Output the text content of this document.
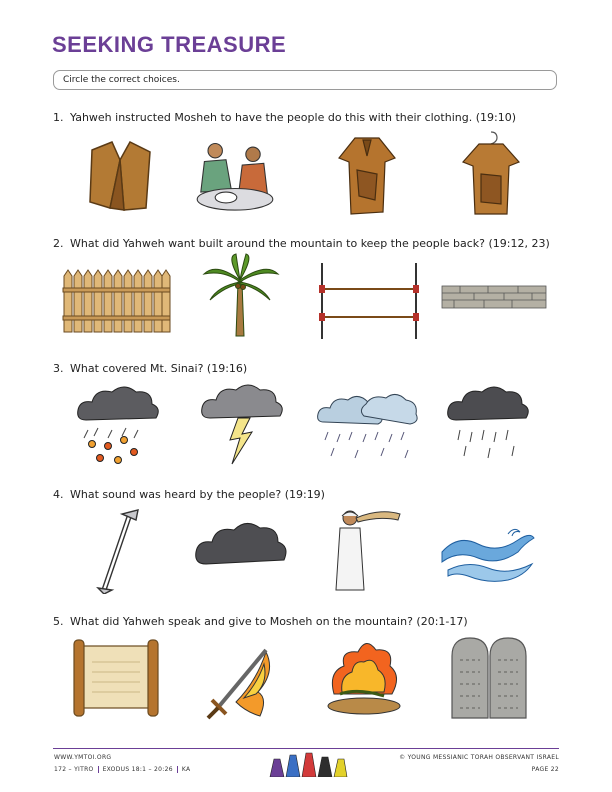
SEEKING TREASURE
Circle the correct choices.
1. Yahweh instructed Mosheh to have the people do this with their clothing. (19:10)
2. What did Yahweh want built around the mountain to keep the people back? (19:12, 23)
3. What covered Mt. Sinai? (19:16)
4. What sound was heard by the people? (19:19)
5. What did Yahweh speak and give to Mosheh on the mountain? (20:1-17)
WWW.YMTOI.ORG
172 – YITRO EXODUS 18:1 – 20:26 KA
© YOUNG MESSIANIC TORAH OBSERVANT ISRAEL
PAGE 22
